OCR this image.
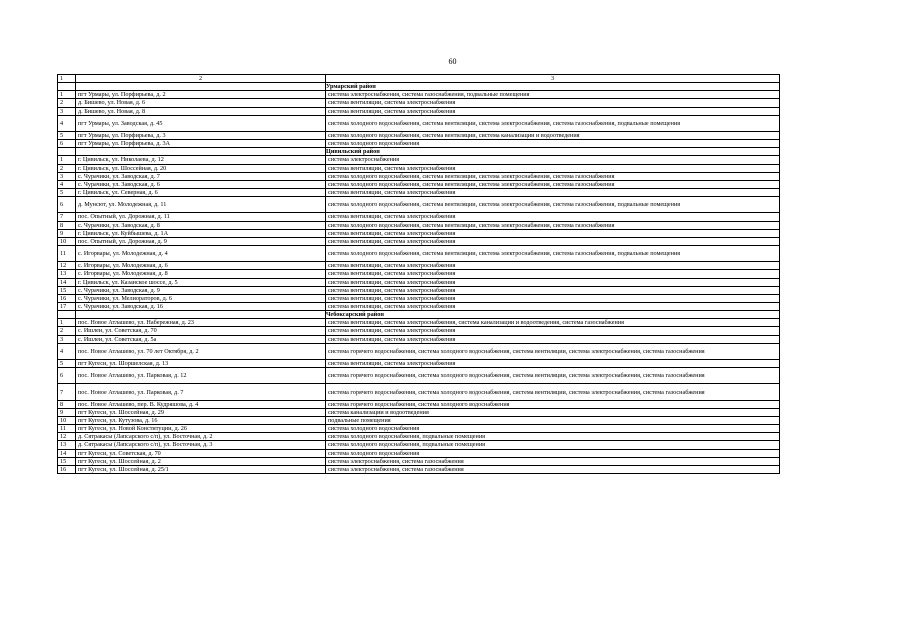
60
1	2	3
		Урмарский район
1	пгт Урмары, ул. Порфирьева, д. 2	система электроснабжения, система газоснабжения, подвальные помещения
2	д. Бишево, ул. Новая, д. 6	система вентиляции, система электроснабжения
3	д. Бишево, ул. Новая, д. 8	система вентиляции, система электроснабжения
4	пгт Урмары, ул. Заводская, д. 45	система холодного водоснабжения, система вентиляции, система электроснабжения, система газоснабжения, подвальные помещения
5	пгт Урмары, ул. Порфирьева, д. 3	система холодного водоснабжения, система вентиляции, система канализации и водоотведения
6	пгт Урмары, ул. Порфирьева, д. 3А	система холодного водоснабжения
		Цивильский район
1	г. Цивильск, ул. Николаева, д. 12	система электроснабжения
2	г. Цивильск, ул. Шоссейная, д. 20	система вентиляции, система электроснабжения
3	с. Чурачики, ул. Заводская, д. 7	система холодного водоснабжения, система вентиляции, система электроснабжения, система газоснабжения
4	с. Чурачики, ул. Заводская, д. 6	система холодного водоснабжения, система вентиляции, система электроснабжения, система газоснабжения
5	г. Цивильск, ул. Северная, д. 6	система вентиляции, система электроснабжения
6	д. Мунсют, ул. Молодежная, д. 11	система холодного водоснабжения, система вентиляции, система электроснабжения, система газоснабжения, подвальные помещения
7	пос. Опытный, ул. Дорожная, д. 11	система вентиляции, система электроснабжения
8	с. Чурачики, ул. Заводская, д. 8	система холодного водоснабжения, система вентиляции, система электроснабжения, система газоснабжения
9	г. Цивильск, ул. Куйбышева, д. 1А	система вентиляции, система электроснабжения
10	пос. Опытный, ул. Дорожная, д. 9	система вентиляции, система электроснабжения
11	с. Игорвары, ул. Молодежная, д. 4	система холодного водоснабжения, система вентиляции, система электроснабжения, система газоснабжения, подвальные помещения
12	с. Игорвары, ул. Молодежная, д. 6	система вентиляции, система электроснабжения
13	с. Игорвары, ул. Молодежная, д. 8	система вентиляции, система электроснабжения
14	г. Цивильск, ул. Казанское шоссе, д. 5	система вентиляции, система электроснабжения
15	с. Чурачики, ул. Заводская, д. 9	система вентиляции, система электроснабжения
16	с. Чурачики, ул. Мелиораторов, д. 6	система вентиляции, система электроснабжения
17	с. Чурачики, ул. Заводская, д. 16	система вентиляции, система электроснабжения
		Чебоксарский район
1	пос. Новое Атлашево, ул. Набережная, д. 23	система вентиляции, система электроснабжения, система канализации и водоотведения, система газоснабжения
2	с. Ишлеи, ул. Советская, д. 70	система вентиляции, система электроснабжения
3	с. Ишлеи, ул. Советская, д. 5а	система вентиляции, система электроснабжения
4	пос. Новое Атлашево, ул. 70 лет Октября, д. 2	система горячего водоснабжения, система холодного водоснабжения, система вентиляции, система электроснабжения, система газоснабжения
5	пгт Кугеси, ул. Шоршелская, д. 13	система вентиляции, система электроснабжения
6	пос. Новое Атлашево, ул. Парковая, д. 12	система горячего водоснабжения, система холодного водоснабжения, система вентиляции, система электроснабжения, система газоснабжения
7	пос. Новое Атлашево, ул. Парковая, д. 7	система горячего водоснабжения, система холодного водоснабжения, система вентиляции, система электроснабжения, система газоснабжения
8	пос. Новое Атлашево, пер. В. Кудряшова, д. 4	система горячего водоснабжения, система холодного водоснабжения
9	пгт Кугеси, ул. Шоссейная, д. 29	система канализации и водоотведения
10	пгт Кугеси, ул. Кутузова, д. 16	подвальные помещения
11	пгт Кугеси, ул. Новой Конституции, д. 26	система холодного водоснабжения
12	д. Сятракасы (Лапсарского с/п), ул. Восточная, д. 2	система холодного водоснабжения, подвальные помещения
13	д. Сятракасы (Лапсарского с/п), ул. Восточная, д. 3	система холодного водоснабжения, подвальные помещения
14	пгт Кугеси, ул. Советская, д. 70	система холодного водоснабжения
15	пгт Кугеси, ул. Шоссейная, д. 2	система электроснабжения, система газоснабжения
16	пгт Кугеси, ул. Шоссейная, д. 25/1	система электроснабжения, система газоснабжения
